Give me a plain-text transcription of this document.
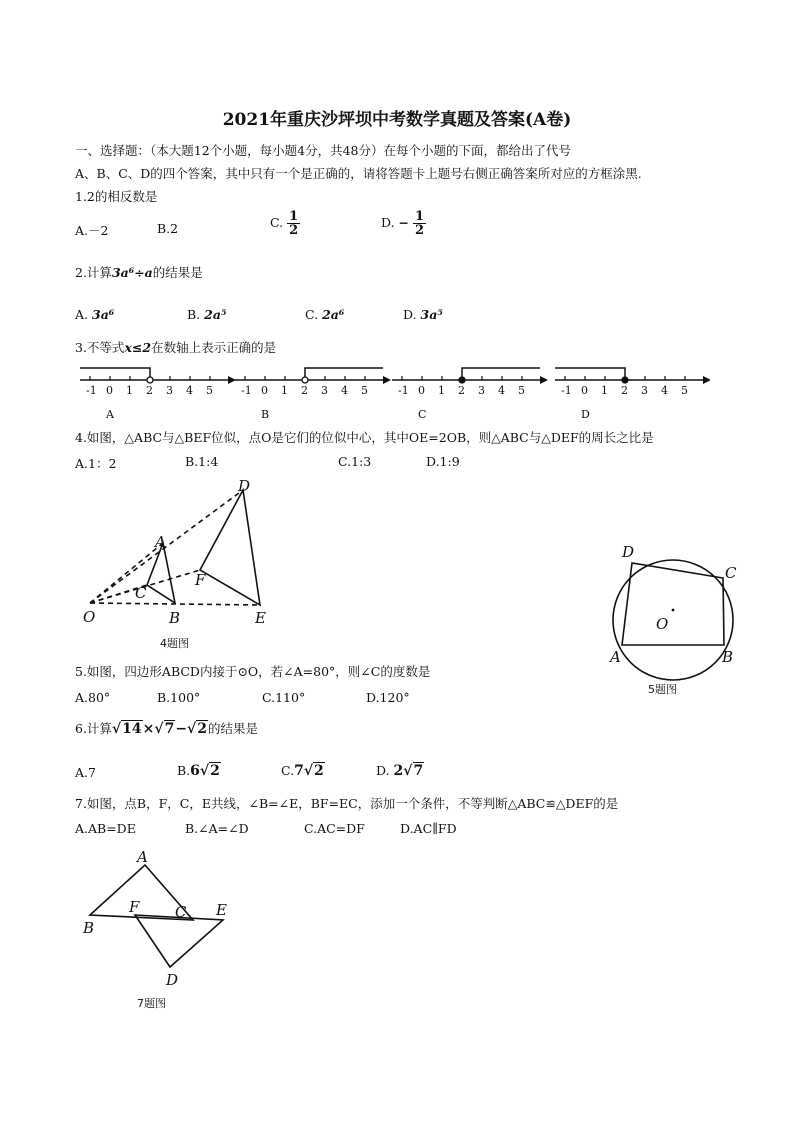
2021年重庆沙坪坝中考数学真题及答案(A卷)
一、选择题：（本大题12个小题，每小题4分，共48分）在每个小题的下面，都给出了代号
A、B、C、D的四个答案，其中只有一个是正确的，请将答题卡上题号右侧正确答案所对应的方框涂黑.
1.2的相反数是
A.－2	B.2	C. $\frac{1}{2}$	D. − $\frac{1}{2}$
2.计算3a⁶÷a的结果是
A. 3a⁶	B. 2a⁵	C. 2a⁶	D. 3a⁵
3.不等式x≤2在数轴上表示正确的是
-1 0 1 2 3 4 5
A
-1 0 1 2 3 4 5
B
-1 0 1 2 3 4 5
C
-1 0 1 2 3 4 5
D
4.如图，△ABC与△BEF位似，点O是它们的位似中心，其中OE=2OB，则△ABC与△DEF的周长之比是
A.1：2	B.1:4	C.1:3	D.1:9
D
A
F
C
O	B	E
4题图
D
C
O
A	B
5题图
5.如图，四边形ABCD内接于⊙O，若∠A=80°，则∠C的度数是
A.80°	B.100°	C.110°	D.120°
6.计算√14×√7−√2的结果是
A.7	B.6√2	C.7√2	D. 2√7
7.如图，点B，F，C，E共线，∠B=∠E，BF=EC，添加一个条件，不等判断△ABC≌△DEF的是
A.AB=DE	B.∠A=∠D	C.AC=DF	D.AC∥FD
A
B
F C E
D
7题图
